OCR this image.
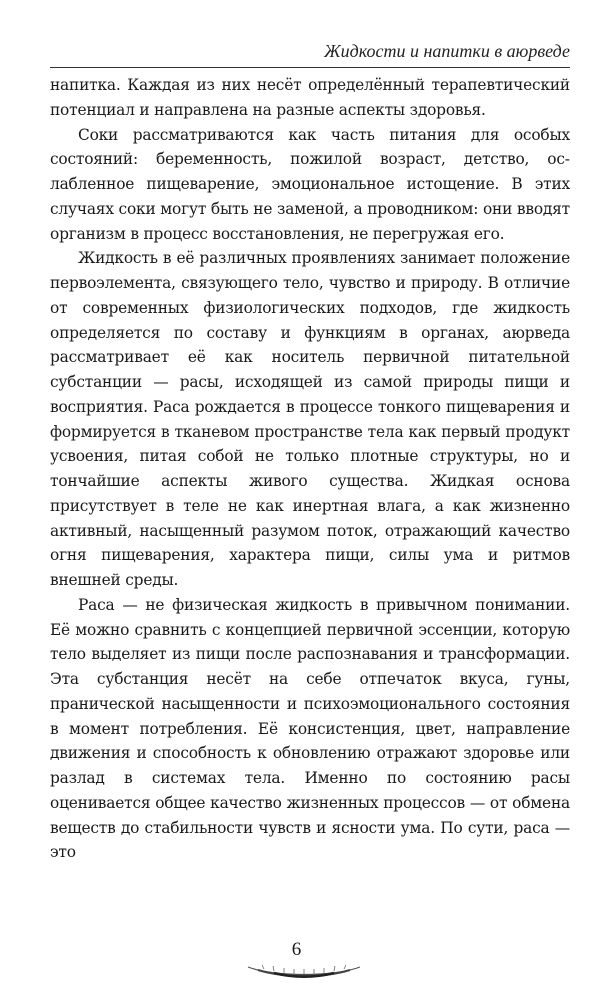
Жидкости и напитки в аюрведе

напитка. Каждая из них несёт определённый терапевтический потенциал и направлена на разные аспекты здоровья.

Соки рассматриваются как часть питания для особых состояний: беременность, пожилой возраст, детство, ослабленное пищеварение, эмоциональное истощение. В этих случаях соки могут быть не заменой, а проводником: они вводят организм в процесс восстановления, не перегружая его.

Жидкость в её различных проявлениях занимает положение первоэлемента, связующего тело, чувство и природу. В отличие от современных физиологических подходов, где жидкость определяется по составу и функциям в органах, аюрведа рассматривает её как носитель первичной питательной субстанции — расы, исходящей из самой природы пищи и восприятия. Раса рождается в процессе тонкого пищеварения и формируется в тканевом пространстве тела как первый продукт усвоения, питая собой не только плотные структуры, но и тончайшие аспекты живого существа. Жидкая основа присутствует в теле не как инертная влага, а как жизненно активный, насыщенный разумом поток, отражающий качество огня пищеварения, характера пищи, силы ума и ритмов внешней среды.

Раса — не физическая жидкость в привычном понимании. Её можно сравнить с концепцией первичной эссенции, которую тело выделяет из пищи после распознавания и трансформации. Эта субстанция несёт на себе отпечаток вкуса, гуны, пранической насыщенности и психоэмоционального состояния в момент потребления. Её консистенция, цвет, направление движения и способность к обновлению отражают здоровье или разлад в системах тела. Именно по состоянию расы оценивается общее качество жизненных процессов — от обмена веществ до стабильности чувств и ясности ума. По сути, раса — это

6
